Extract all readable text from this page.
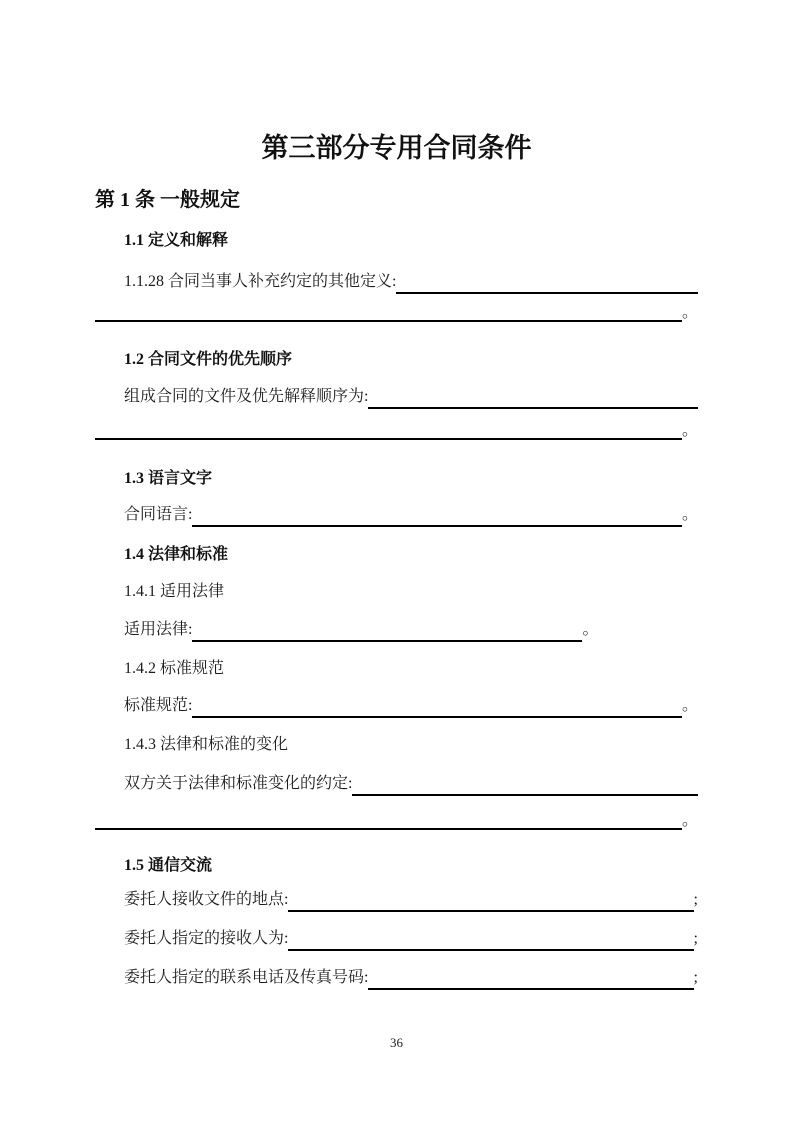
第三部分专用合同条件
第 1 条 一般规定
1.1 定义和解释
1.1.28 合同当事人补充约定的其他定义:
。
1.2 合同文件的优先顺序
组成合同的文件及优先解释顺序为:
。
1.3 语言文字
合同语言:	。
1.4 法律和标准
1.4.1 适用法律
适用法律:	。
1.4.2 标准规范
标准规范:	。
1.4.3 法律和标准的变化
双方关于法律和标准变化的约定:
。
1.5 通信交流
委托人接收文件的地点:	;
委托人指定的接收人为:	;
委托人指定的联系电话及传真号码:	;
36
